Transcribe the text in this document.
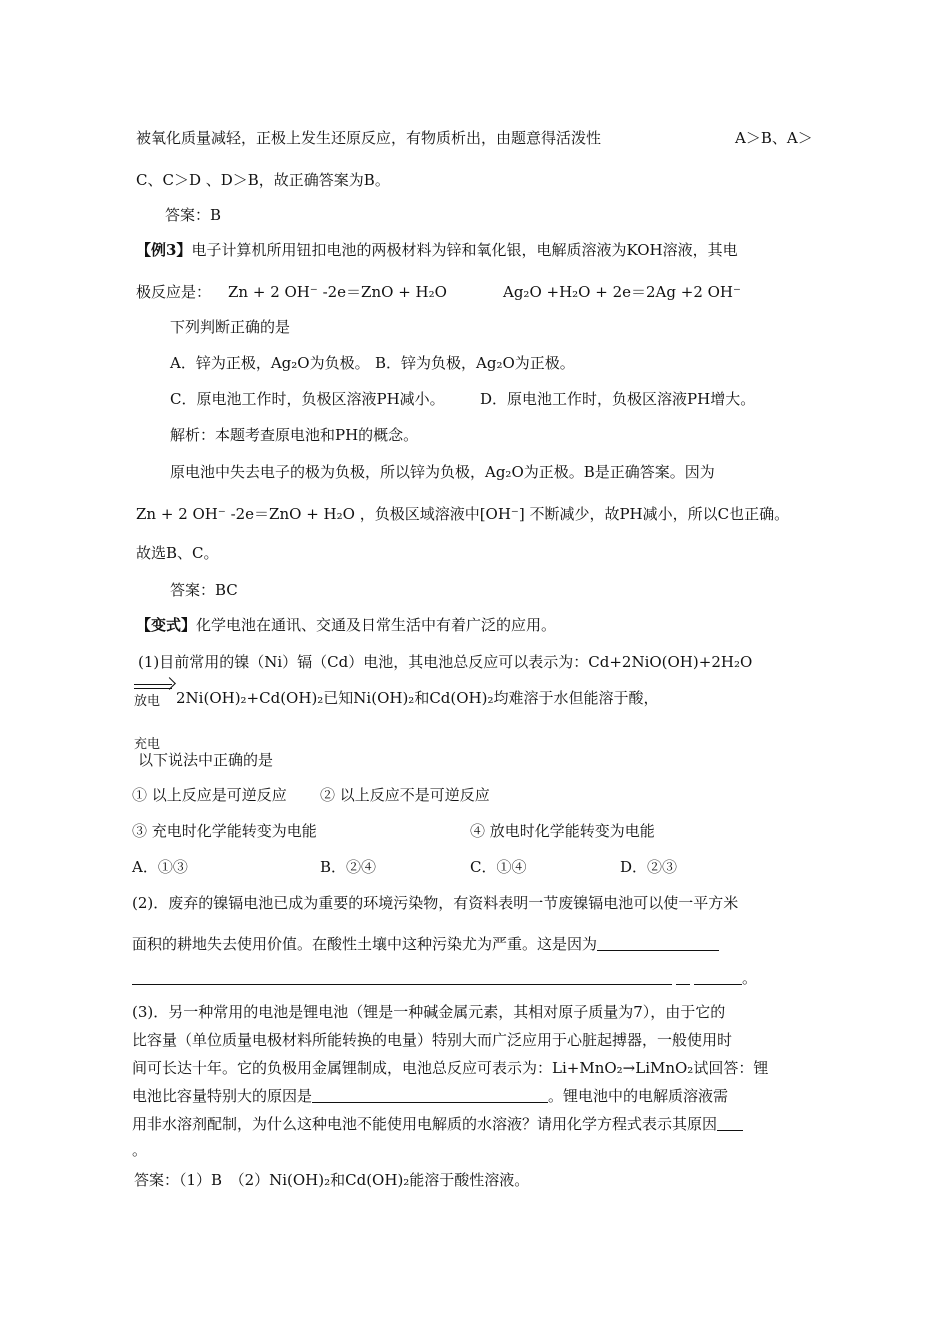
被氧化质量减轻，正极上发生还原反应，有物质析出，由题意得活泼性	A＞B、A＞
C、C＞D 、D＞B，故正确答案为B。
答案：B
【例3】电子计算机所用钮扣电池的两极材料为锌和氧化银，电解质溶液为KOH溶液，其电
极反应是： Zn + 2 OH⁻ -2e＝ZnO + H₂O	Ag₂O +H₂O + 2e＝2Ag +2 OH⁻
下列判断正确的是
A．锌为正极，Ag₂O为负极。 B．锌为负极，Ag₂O为正极。
C．原电池工作时，负极区溶液PH减小。 D．原电池工作时，负极区溶液PH增大。
解析：本题考查原电池和PH的概念。
原电池中失去电子的极为负极，所以锌为负极，Ag₂O为正极。B是正确答案。因为
Zn + 2 OH⁻ -2e＝ZnO + H₂O ，负极区域溶液中[OH⁻] 不断减少，故PH减小，所以C也正确。
故选B、C。
答案：BC
【变式】化学电池在通讯、交通及日常生活中有着广泛的应用。
(1)目前常用的镍（Ni）镉（Cd）电池，其电池总反应可以表示为：Cd+2NiO(OH)+2H₂O
放电 2Ni(OH)₂+Cd(OH)₂已知Ni(OH)₂和Cd(OH)₂均难溶于水但能溶于酸，
充电
以下说法中正确的是
① 以上反应是可逆反应 ② 以上反应不是可逆反应
③ 充电时化学能转变为电能	④ 放电时化学能转变为电能
A．①③	B．②④	C．①④	D．②③
(2)．废弃的镍镉电池已成为重要的环境污染物，有资料表明一节废镍镉电池可以使一平方米
面积的耕地失去使用价值。在酸性土壤中这种污染尤为严重。这是因为
。
(3)．另一种常用的电池是锂电池（锂是一种碱金属元素，其相对原子质量为7），由于它的
比容量（单位质量电极材料所能转换的电量）特别大而广泛应用于心脏起搏器，一般使用时
间可长达十年。它的负极用金属锂制成，电池总反应可表示为：Li+MnO₂→LiMnO₂试回答：锂
电池比容量特别大的原因是	。锂电池中的电解质溶液需
用非水溶剂配制，为什么这种电池不能使用电解质的水溶液？请用化学方程式表示其原因
。
答案：（1）B　（2）Ni(OH)₂和Cd(OH)₂能溶于酸性溶液。
